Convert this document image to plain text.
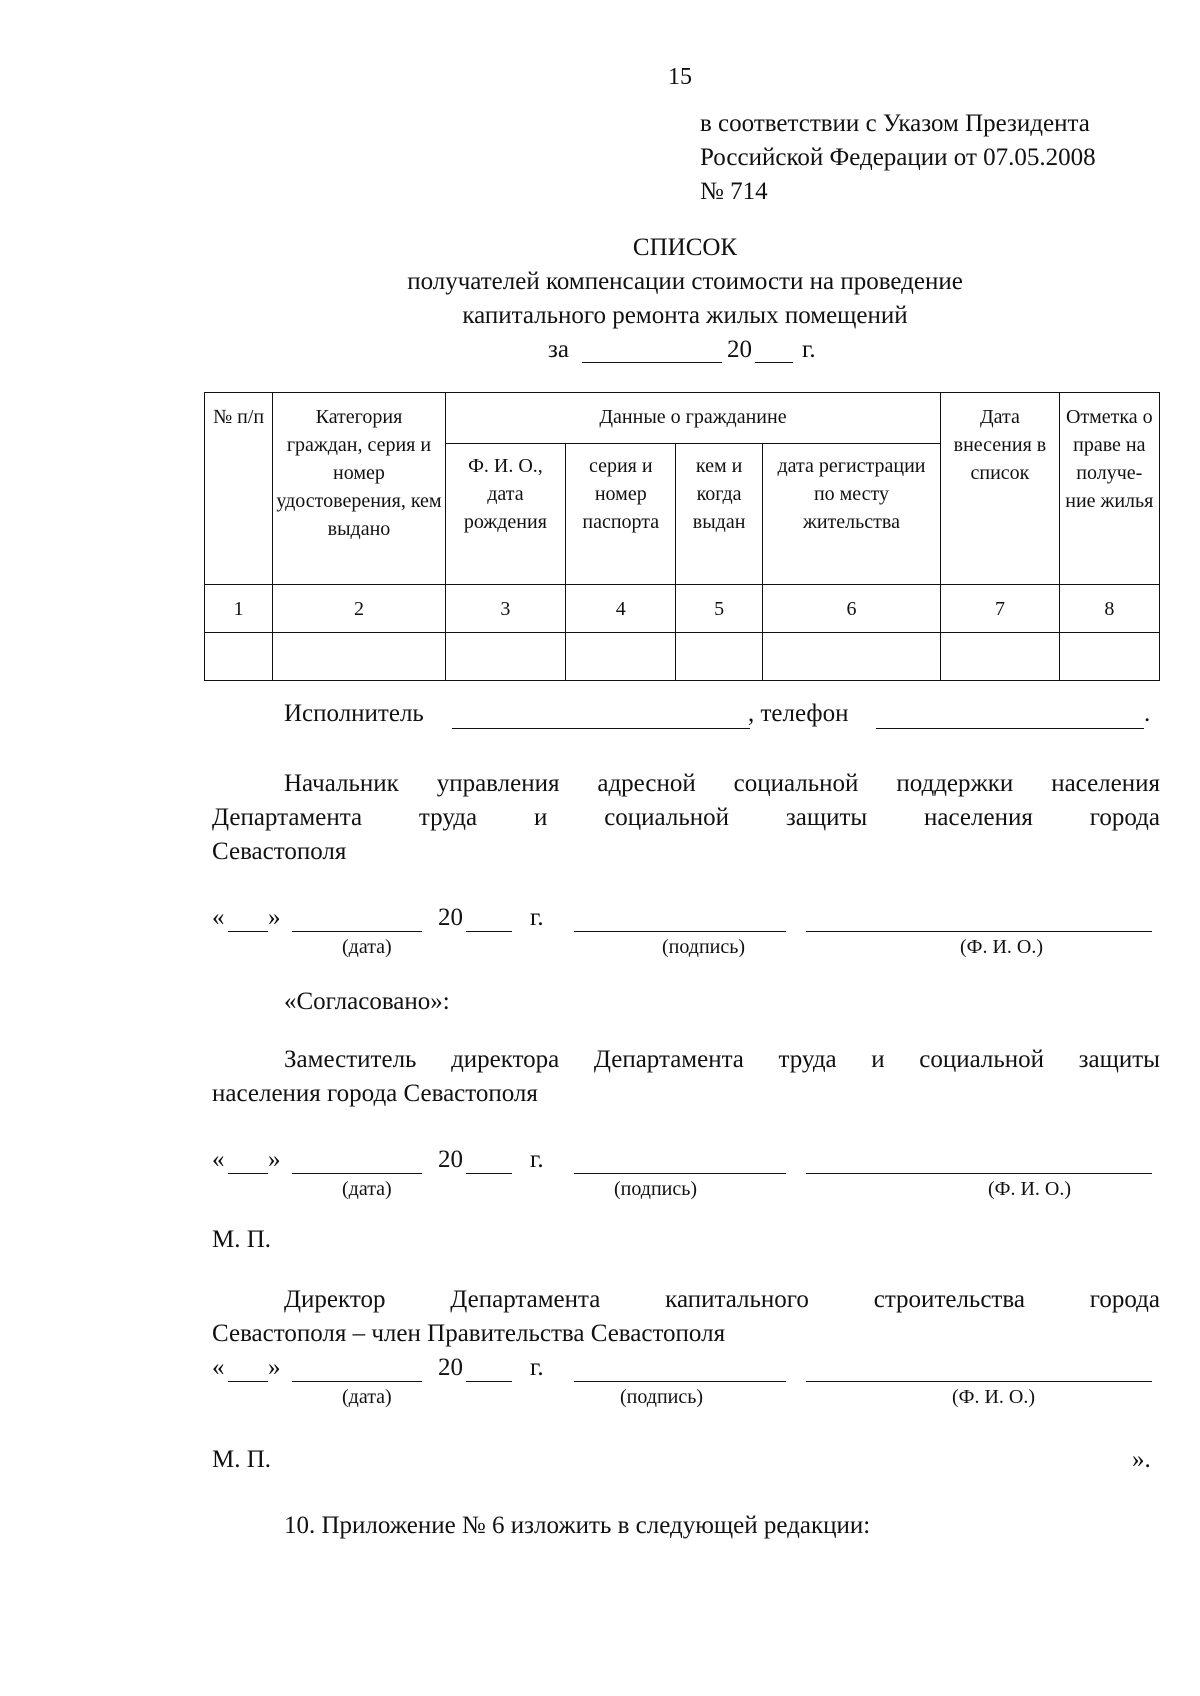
15
в соответствии с Указом Президента
Российской Федерации от 07.05.2008
№ 714
СПИСОК
получателей компенсации стоимости на проведение
капитального ремонта жилых помещений
за	20 г.
№ п/п	Категория граждан, серия и номер удостоверения, кем выдано	Данные о гражданине				Дата внесения в список	Отметка о праве на получе-ние жилья
		Ф. И. О., дата рождения	серия и номер паспорта	кем и когда выдан	дата регистрации по месту жительства		
1	2	3	4	5	6	7	8

Исполнитель	, телефон	.
Начальник управления адресной социальной поддержки населения
Департамента труда и социальной защиты населения города
Севастополя
« »	20	г.
(дата)	(подпись)	(Ф. И. О.)
«Согласовано»:
Заместитель директора Департамента труда и социальной защиты
населения города Севастополя
« »	20	г.
(дата)	(подпись)	(Ф. И. О.)
М. П.
Директор	Департамента	капитального	строительства	города
Севастополя – член Правительства Севастополя
« »	20	г.
(дата)	(подпись)	(Ф. И. О.)
М. П.	».
10. Приложение № 6 изложить в следующей редакции:
